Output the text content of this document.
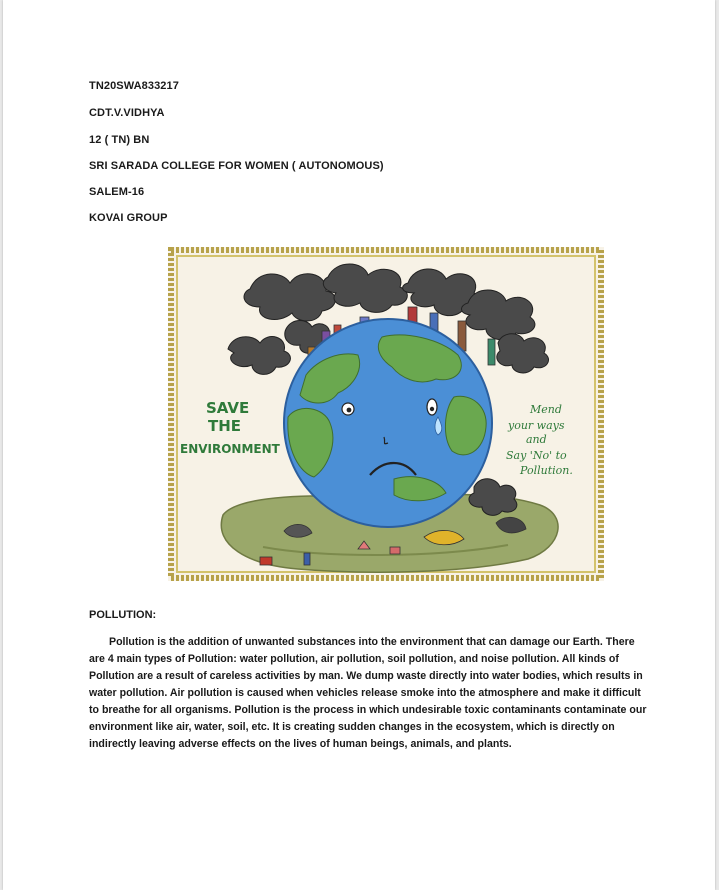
TN20SWA833217
CDT.V.VIDHYA
12 ( TN) BN
SRI SARADA COLLEGE FOR WOMEN ( AUTONOMOUS)
SALEM-16
KOVAI GROUP
SAVE
THE
ENVIRONMENT
Mend
your ways
and
Say 'No' to
Pollution.
POLLUTION:

Pollution is the addition of unwanted substances into the environment that can damage our Earth. There are 4 main types of Pollution: water pollution, air pollution, soil pollution, and noise pollution. All kinds of Pollution are a result of careless activities by man. We dump waste directly into water bodies, which results in water pollution. Air pollution is caused when vehicles release smoke into the atmosphere and make it difficult to breathe for all organisms. Pollution is the process in which undesirable toxic contaminants contaminate our environment like air, water, soil, etc. It is creating sudden changes in the ecosystem, which is directly on indirectly leaving adverse effects on the lives of human beings, animals, and plants.
